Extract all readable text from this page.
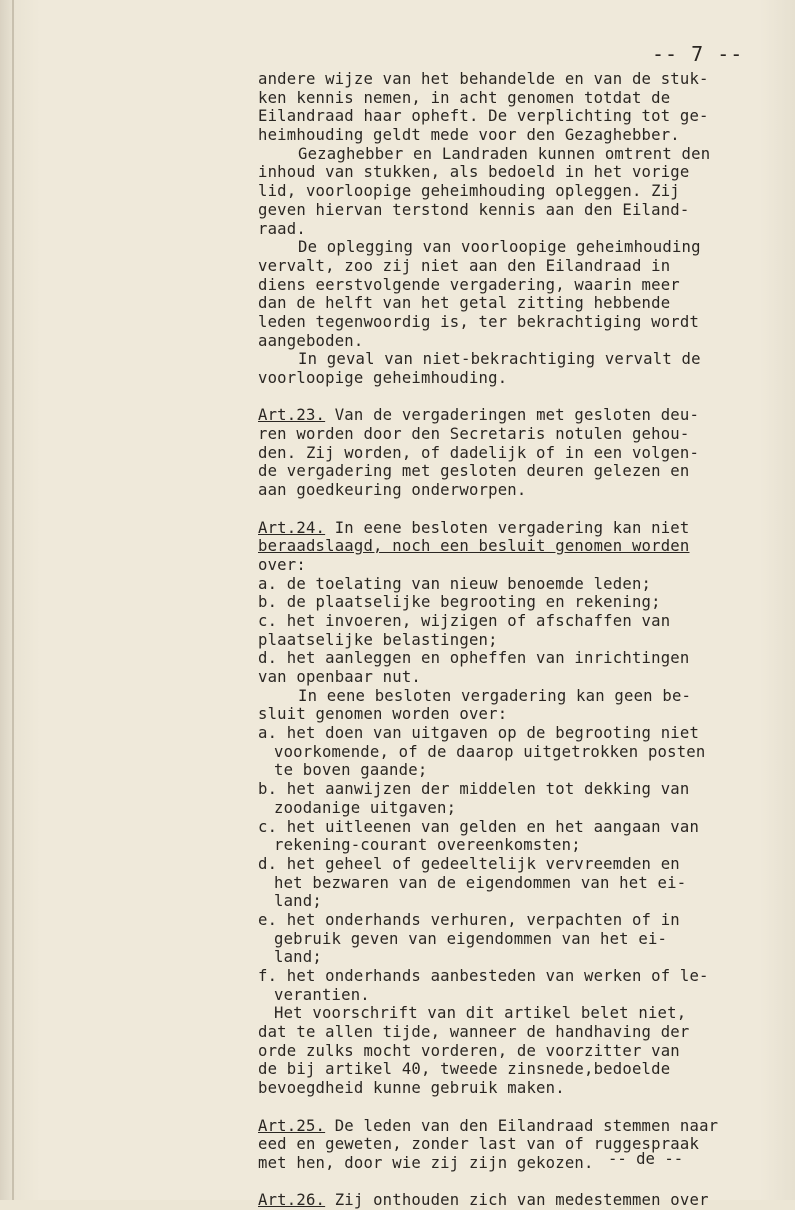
-- 7 --
andere wijze van het behandelde en van de stuk-
ken kennis nemen, in acht genomen totdat de
Eilandraad haar opheft. De verplichting tot ge-
heimhouding geldt mede voor den Gezaghebber.
Gezaghebber en Landraden kunnen omtrent den
inhoud van stukken, als bedoeld in het vorige
lid, voorloopige geheimhouding opleggen. Zij
geven hiervan terstond kennis aan den Eiland-
raad.
De oplegging van voorloopige geheimhouding
vervalt, zoo zij niet aan den Eilandraad in
diens eerstvolgende vergadering, waarin meer
dan de helft van het getal zitting hebbende
leden tegenwoordig is, ter bekrachtiging wordt
aangeboden.
In geval van niet-bekrachtiging vervalt de
voorloopige geheimhouding.
Art.23. Van de vergaderingen met gesloten deu-
ren worden door den Secretaris notulen gehou-
den. Zij worden, of dadelijk of in een volgen-
de vergadering met gesloten deuren gelezen en
aan goedkeuring onderworpen.
Art.24. In eene besloten vergadering kan niet
beraadslaagd, noch een besluit genomen worden
over:
a. de toelating van nieuw benoemde leden;
b. de plaatselijke begrooting en rekening;
c. het invoeren, wijzigen of afschaffen van
plaatselijke belastingen;
d. het aanleggen en opheffen van inrichtingen
van openbaar nut.
In eene besloten vergadering kan geen be-
sluit genomen worden over:
a. het doen van uitgaven op de begrooting niet
voorkomende, of de daarop uitgetrokken posten
te boven gaande;
b. het aanwijzen der middelen tot dekking van
zoodanige uitgaven;
c. het uitleenen van gelden en het aangaan van
rekening-courant overeenkomsten;
d. het geheel of gedeeltelijk vervreemden en
het bezwaren van de eigendommen van het ei-
land;
e. het onderhands verhuren, verpachten of in
gebruik geven van eigendommen van het ei-
land;
f. het onderhands aanbesteden van werken of le-
verantien.
Het voorschrift van dit artikel belet niet,
dat te allen tijde, wanneer de handhaving der
orde zulks mocht vorderen, de voorzitter van
de bij artikel 40, tweede zinsnede,bedoelde
bevoegdheid kunne gebruik maken.
Art.25. De leden van den Eilandraad stemmen naar
eed en geweten, zonder last van of ruggespraak
met hen, door wie zij zijn gekozen.
Art.26. Zij onthouden zich van medestemmen over
-- de --
